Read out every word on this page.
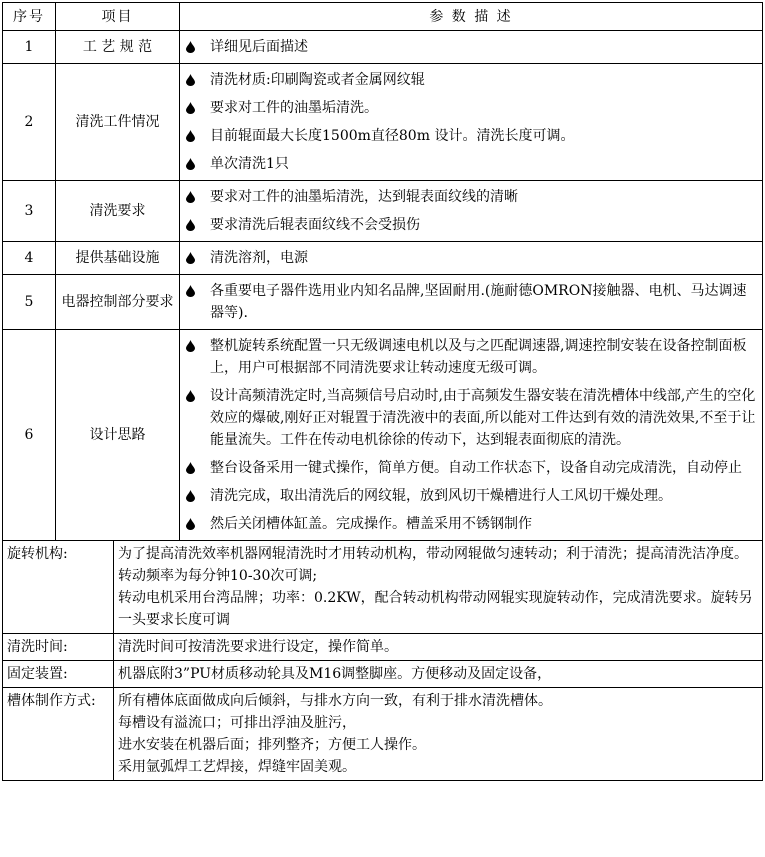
序号	项目		参 数 描 述
1	工 艺 规 范		详细见后面描述

2	清洗工件情况		清洗材质:印刷陶瓷或者金属网纹辊
要求对工件的油墨垢清洗。
目前辊面最大长度1500m直径80m 设计。清洗长度可调。
单次清洗1只

3	清洗要求		要求对工件的油墨垢清洗，达到辊表面纹线的清晰
要求清洗后辊表面纹线不会受损伤

4	提供基础设施		清洗溶剂，电源

5	电器控制部分要求		各重要电子器件选用业内知名品牌,坚固耐用.(施耐德OMRON接触器、电机、马达调速器等).

6	设计思路		整机旋转系统配置一只无级调速电机以及与之匹配调速器,调速控制安装在设备控制面板上，用户可根据部不同清洗要求让转动速度无级可调。
设计高频清洗定时,当高频信号启动时,由于高频发生器安装在清洗槽体中线部,产生的空化效应的爆破,刚好正对辊置于清洗液中的表面,所以能对工件达到有效的清洗效果,不至于让能量流失。工件在传动电机徐徐的传动下，达到辊表面彻底的清洗。
整台设备采用一键式操作，简单方便。自动工作状态下，设备自动完成清洗，自动停止
清洗完成，取出清洗后的网纹辊，放到风切干燥槽进行人工风切干燥处理。
然后关闭槽体缸盖。完成操作。槽盖采用不锈钢制作

旋转机构:		为了提高清洗效率机器网辊清洗时才用转动机构，带动网辊做匀速转动；利于清洗；提高清洗洁净度。转动频率为每分钟10-30次可调;
转动电机采用台湾品牌；功率：0.2KW，配合转动机构带动网辊实现旋转动作，完成清洗要求。旋转另一头要求长度可调	

清洗时间:		清洗时间可按清洗要求进行设定，操作简单。	

固定装置:		机器底附3”PU材质移动轮具及M16调整脚座。方便移动及固定设备，	

槽体制作方式:		所有槽体底面做成向后倾斜，与排水方向一致，有利于排水清洗槽体。
每槽设有溢流口；可排出浮油及脏污，
进水安装在机器后面；排列整齐；方便工人操作。
采用氩弧焊工艺焊接，焊缝牢固美观。	
